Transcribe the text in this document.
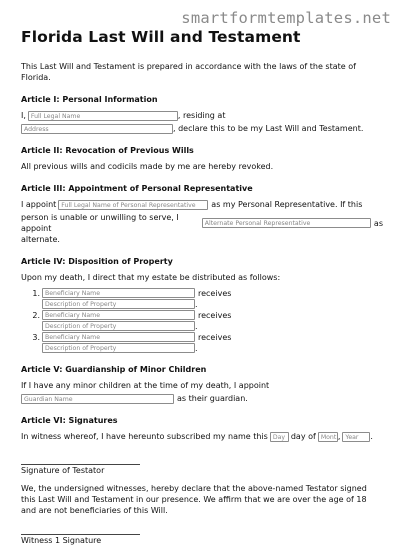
smartformtemplates.net
Florida Last Will and Testament

This Last Will and Testament is prepared in accordance with the laws of the state of Florida.

Article I: Personal Information
I, Full Legal Name	, residing at
Address	, declare this to be my Last Will and Testament.
Article II: Revocation of Previous Wills

All previous wills and codicils made by me are hereby revoked.

Article III: Appointment of Personal Representative
I appoint Full Legal Name of Personal Representative	as my Personal Representative. If this
person is unable or unwilling to serve, I appoint
Alternate Personal Representative	as
alternate.
Article IV: Disposition of Property

Upon my death, I direct that my estate be distributed as follows:

1. Beneficiary Name	receives
Description of Property	.
2. Beneficiary Name	receives
Description of Property	.
3. Beneficiary Name	receives
Description of Property	.
Article V: Guardianship of Minor Children

If I have any minor children at the time of my death, I appoint

Guardian Name	as their guardian.
Article VI: Signatures
In witness whereof, I have hereunto subscribed my name this Day day of Mont , Year	.
Signature of Testator

We, the undersigned witnesses, hereby declare that the above-named Testator signed this Last Will and Testament in our presence. We affirm that we are over the age of 18 and are not beneficiaries of this Will.

Witness 1 Signature
